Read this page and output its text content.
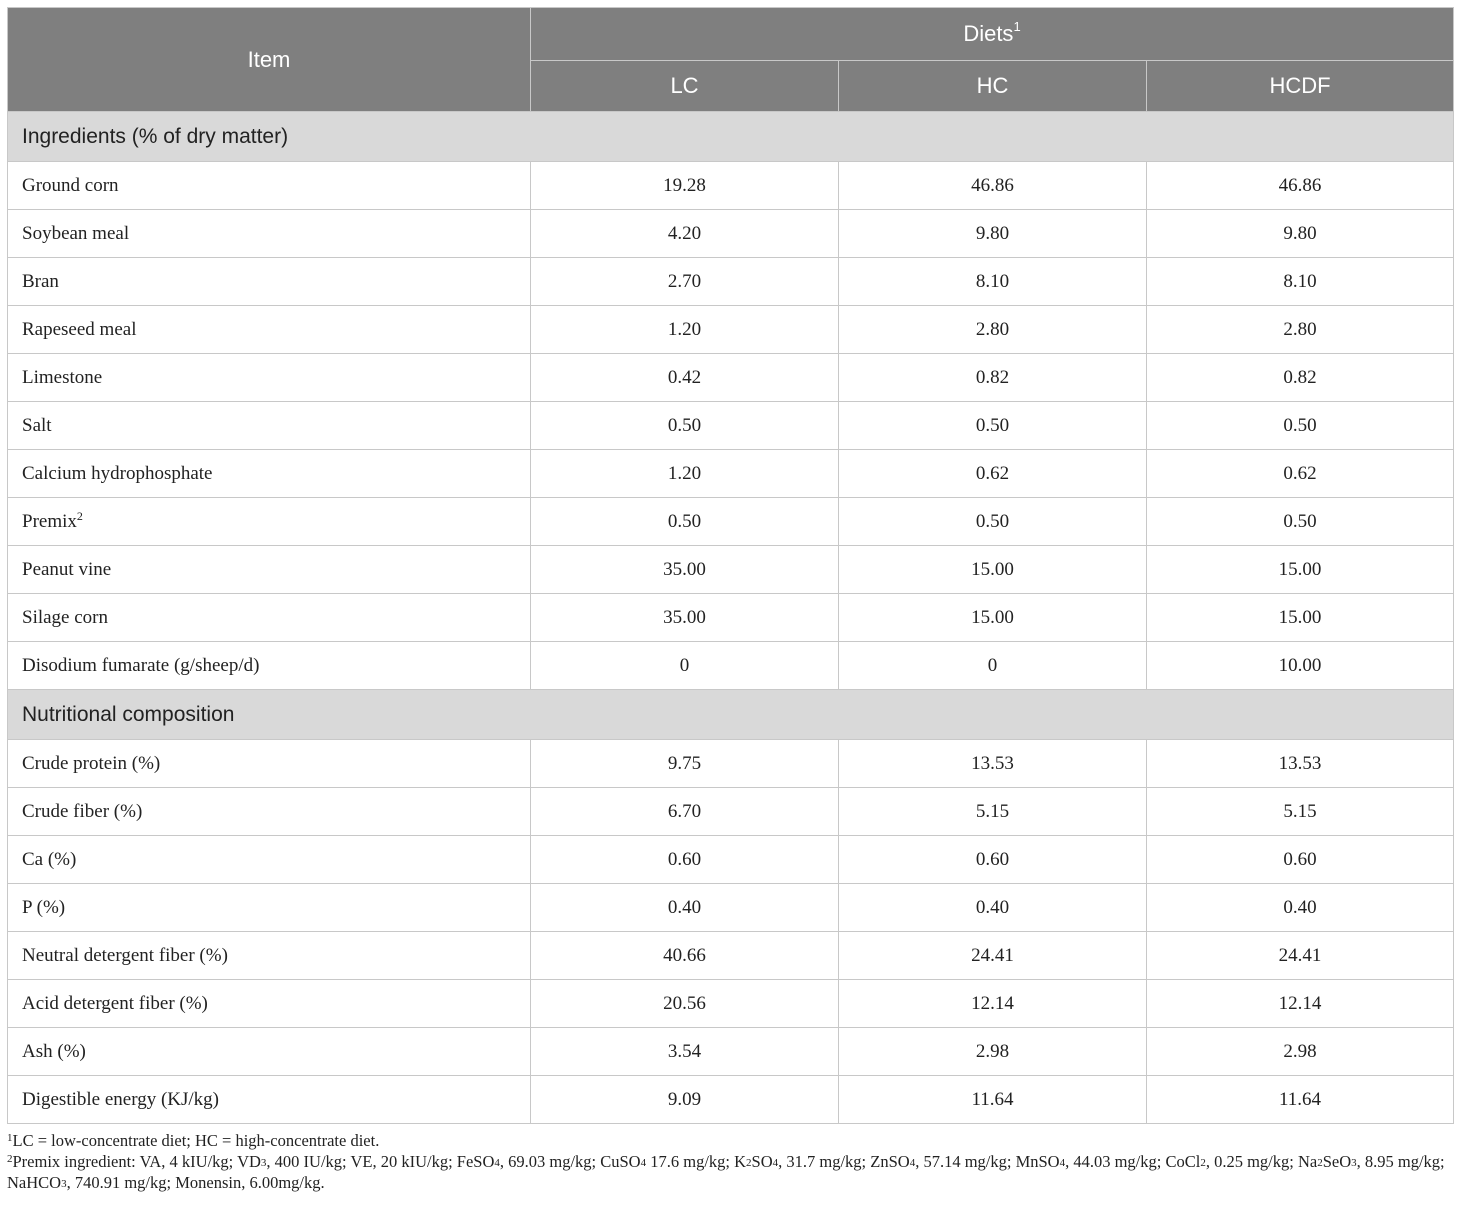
Item	Diets$^1$
	LC	HC	HCDF
Ingredients (% of dry matter)			
Ground corn	19.28	46.86	46.86
Soybean meal	4.20	9.80	9.80
Bran	2.70	8.10	8.10
Rapeseed meal	1.20	2.80	2.80
Limestone	0.42	0.82	0.82
Salt	0.50	0.50	0.50
Calcium hydrophosphate	1.20	0.62	0.62
Premix$^2$	0.50	0.50	0.50
Peanut vine	35.00	15.00	15.00
Silage corn	35.00	15.00	15.00
Disodium fumarate (g/sheep/d)	0	0	10.00
Nutritional composition			
Crude protein (%)	9.75	13.53	13.53
Crude fiber (%)	6.70	5.15	5.15
Ca (%)	0.60	0.60	0.60
P (%)	0.40	0.40	0.40
Neutral detergent fiber (%)	40.66	24.41	24.41
Acid detergent fiber (%)	20.56	12.14	12.14
Ash (%)	3.54	2.98	2.98
Digestible energy (KJ/kg)	9.09	11.64	11.64

$^1$LC = low-concentrate diet; HC = high-concentrate diet.

$^2$Premix ingredient: VA, 4 kIU/kg; $VD_3$, 400 IU/kg; VE, 20 kIU/kg; FeSO$_4$, 69.03 mg/kg; CuSO$_4$ 17.6 mg/kg; $K_2SO_4$, 31.7 mg/kg; ZnSO$_4$, 57.14 mg/kg; MnSO$_4$, 44.03 mg/kg; CoCl$_2$, 0.25 mg/kg; $Na_2SeO_3$, 8.95 mg/kg; NaHCO$_3$, 740.91 mg/kg; Monensin, 6.00mg/kg.
